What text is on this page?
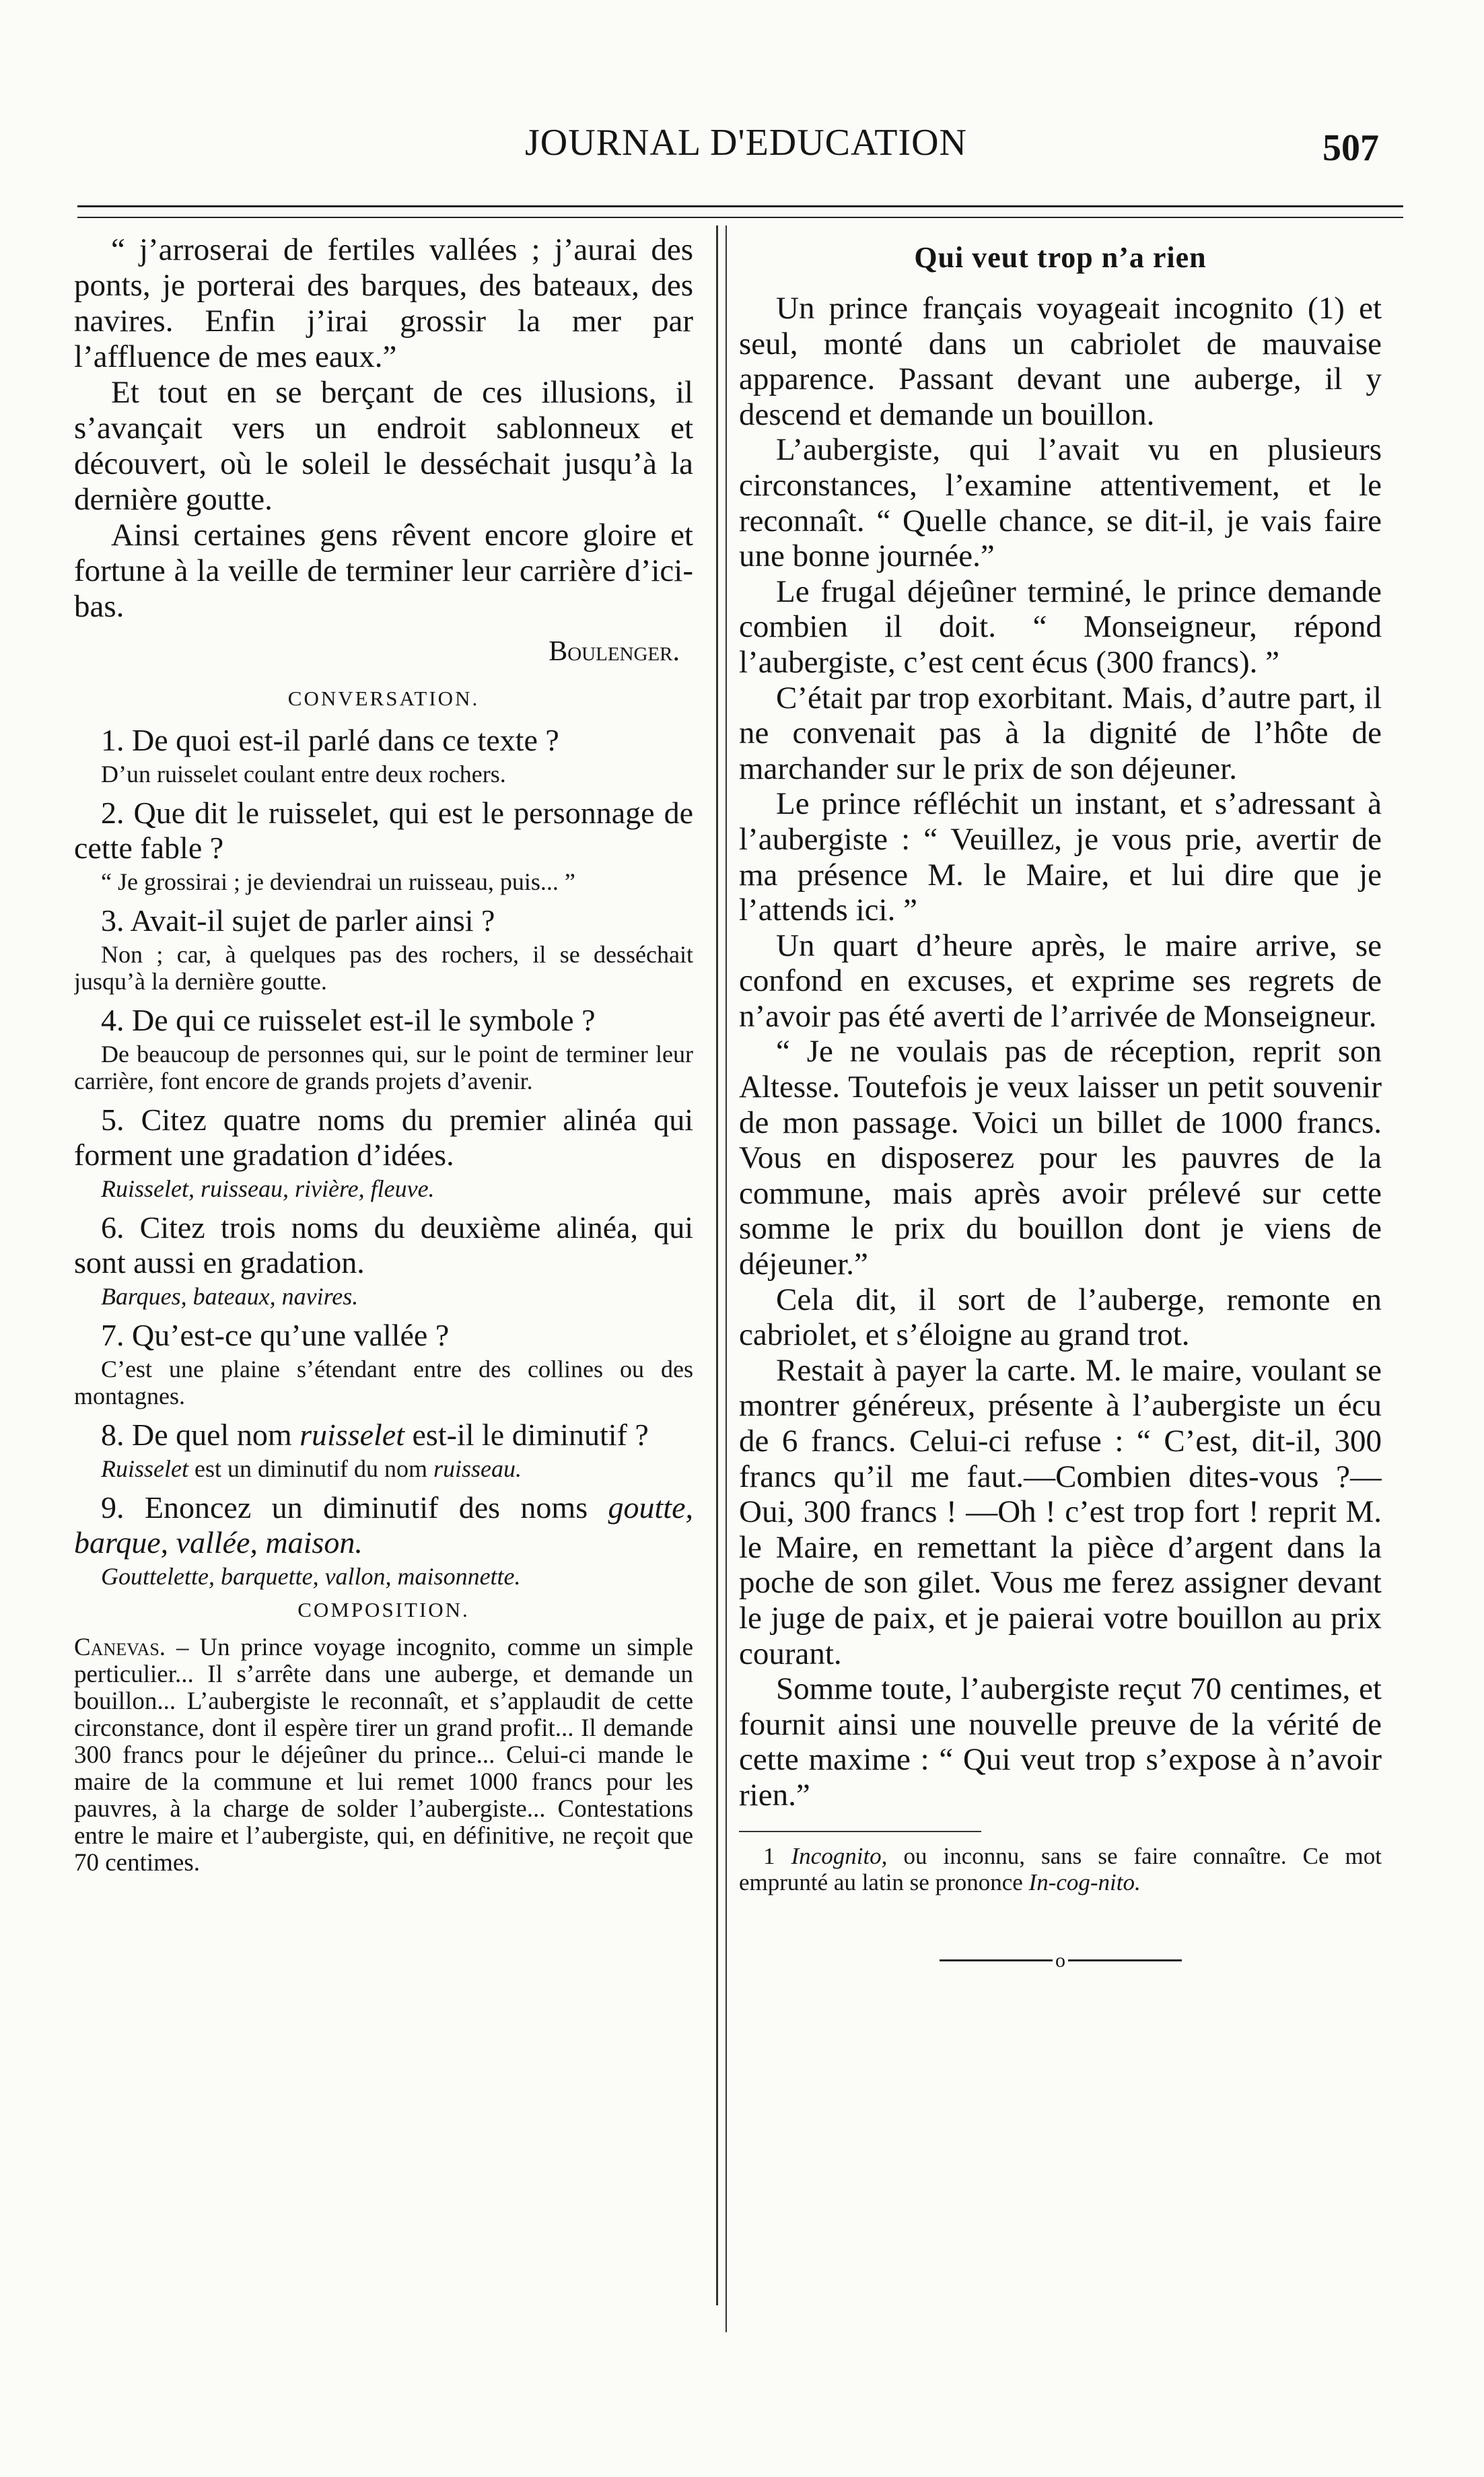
JOURNAL D'EDUCATION	507

“ j’arroserai de fertiles vallées ; j’aurai des ponts, je porterai des barques, des bateaux, des navires. Enfin j’irai grossir la mer par l’affluence de mes eaux.”

Et tout en se berçant de ces illusions, il s’avançait vers un endroit sablonneux et découvert, où le soleil le desséchait jusqu’à la dernière goutte.

Ainsi certaines gens rêvent encore gloire et fortune à la veille de terminer leur carrière d’ici-bas.

Boulenger.

CONVERSATION.

1. De quoi est-il parlé dans ce texte ?

D’un ruisselet coulant entre deux rochers.

2. Que dit le ruisselet, qui est le personnage de cette fable ?

“ Je grossirai ; je deviendrai un ruisseau, puis... ”

3. Avait-il sujet de parler ainsi ?

Non ; car, à quelques pas des rochers, il se desséchait jusqu’à la dernière goutte.

4. De qui ce ruisselet est-il le symbole ?

De beaucoup de personnes qui, sur le point de terminer leur carrière, font encore de grands projets d’avenir.

5. Citez quatre noms du premier alinéa qui forment une gradation d’idées.

Ruisselet, ruisseau, rivière, fleuve.

6. Citez trois noms du deuxième alinéa, qui sont aussi en gradation.

Barques, bateaux, navires.

7. Qu’est-ce qu’une vallée ?

C’est une plaine s’étendant entre des collines ou des montagnes.

8. De quel nom ruisselet est-il le diminutif ?

Ruisselet est un diminutif du nom ruisseau.

9. Enoncez un diminutif des noms goutte, barque, vallée, maison.

Gouttelette, barquette, vallon, maisonnette.

COMPOSITION.

Canevas. – Un prince voyage incognito, comme un simple perticulier... Il s’arrête dans une auberge, et demande un bouillon... L’aubergiste le reconnaît, et s’applaudit de cette circonstance, dont il espère tirer un grand profit... Il demande 300 francs pour le déjeûner du prince... Celui-ci mande le maire de la commune et lui remet 1000 francs pour les pauvres, à la charge de solder l’aubergiste... Contestations entre le maire et l’aubergiste, qui, en définitive, ne reçoit que 70 centimes.

Qui veut trop n’a rien

Un prince français voyageait incognito (1) et seul, monté dans un cabriolet de mauvaise apparence. Passant devant une auberge, il y descend et demande un bouillon.

L’aubergiste, qui l’avait vu en plusieurs circonstances, l’examine attentivement, et le reconnaît. “ Quelle chance, se dit-il, je vais faire une bonne journée.”

Le frugal déjeûner terminé, le prince demande combien il doit. “ Monseigneur, répond l’aubergiste, c’est cent écus (300 francs). ”

C’était par trop exorbitant. Mais, d’autre part, il ne convenait pas à la dignité de l’hôte de marchander sur le prix de son déjeuner.

Le prince réfléchit un instant, et s’adressant à l’aubergiste : “ Veuillez, je vous prie, avertir de ma présence M. le Maire, et lui dire que je l’attends ici. ”

Un quart d’heure après, le maire arrive, se confond en excuses, et exprime ses regrets de n’avoir pas été averti de l’arrivée de Monseigneur.

“ Je ne voulais pas de réception, reprit son Altesse. Toutefois je veux laisser un petit souvenir de mon passage. Voici un billet de 1000 francs. Vous en disposerez pour les pauvres de la commune, mais après avoir prélevé sur cette somme le prix du bouillon dont je viens de déjeuner.”

Cela dit, il sort de l’auberge, remonte en cabriolet, et s’éloigne au grand trot.

Restait à payer la carte. M. le maire, voulant se montrer généreux, présente à l’aubergiste un écu de 6 francs. Celui-ci refuse : “ C’est, dit-il, 300 francs qu’il me faut.—Combien dites-vous ?—Oui, 300 francs ! —Oh ! c’est trop fort ! reprit M. le Maire, en remettant la pièce d’argent dans la poche de son gilet. Vous me ferez assigner devant le juge de paix, et je paierai votre bouillon au prix courant.

Somme toute, l’aubergiste reçut 70 centimes, et fournit ainsi une nouvelle preuve de la vérité de cette maxime : “ Qui veut trop s’expose à n’avoir rien.”

1 Incognito, ou inconnu, sans se faire connaître. Ce mot emprunté au latin se prononce In-cog-nito.

o
